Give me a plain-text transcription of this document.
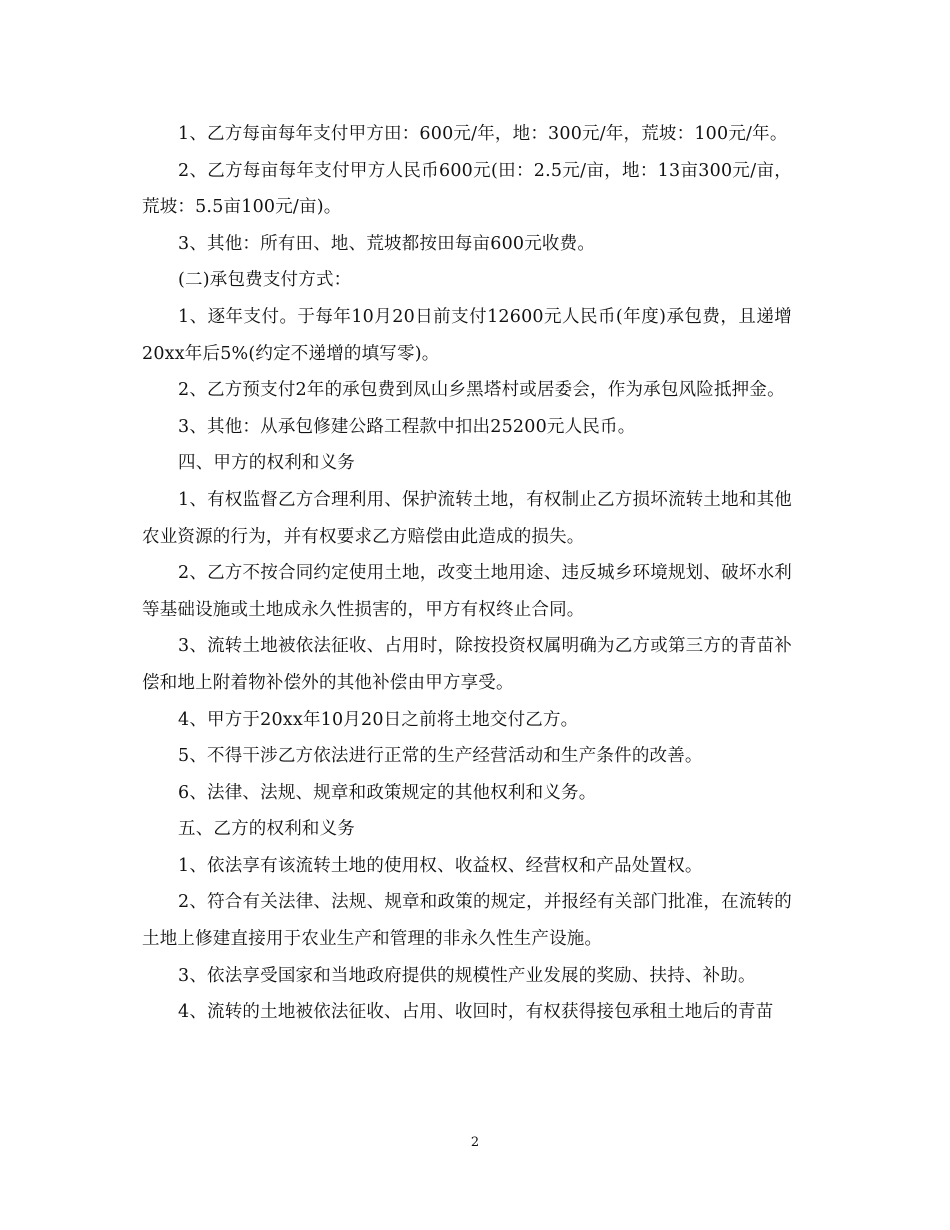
1、乙方每亩每年支付甲方田：600元/年，地：300元/年，荒坡：100元/年。

2、乙方每亩每年支付甲方人民币600元(田：2.5元/亩，地：13亩300元/亩，荒坡：5.5亩100元/亩)。

3、其他：所有田、地、荒坡都按田每亩600元收费。

(二)承包费支付方式：

1、逐年支付。于每年10月20日前支付12600元人民币(年度)承包费，且递增20xx年后5%(约定不递增的填写零)。

2、乙方预支付2年的承包费到凤山乡黑塔村或居委会，作为承包风险抵押金。

3、其他：从承包修建公路工程款中扣出25200元人民币。

四、甲方的权利和义务

1、有权监督乙方合理利用、保护流转土地，有权制止乙方损坏流转土地和其他农业资源的行为，并有权要求乙方赔偿由此造成的损失。

2、乙方不按合同约定使用土地，改变土地用途、违反城乡环境规划、破坏水利等基础设施或土地成永久性损害的，甲方有权终止合同。

3、流转土地被依法征收、占用时，除按投资权属明确为乙方或第三方的青苗补偿和地上附着物补偿外的其他补偿由甲方享受。

4、甲方于20xx年10月20日之前将土地交付乙方。

5、不得干涉乙方依法进行正常的生产经营活动和生产条件的改善。

6、法律、法规、规章和政策规定的其他权利和义务。

五、乙方的权利和义务

1、依法享有该流转土地的使用权、收益权、经营权和产品处置权。

2、符合有关法律、法规、规章和政策的规定，并报经有关部门批准，在流转的土地上修建直接用于农业生产和管理的非永久性生产设施。

3、依法享受国家和当地政府提供的规模性产业发展的奖励、扶持、补助。

4、流转的土地被依法征收、占用、收回时，有权获得接包承租土地后的青苗

2
